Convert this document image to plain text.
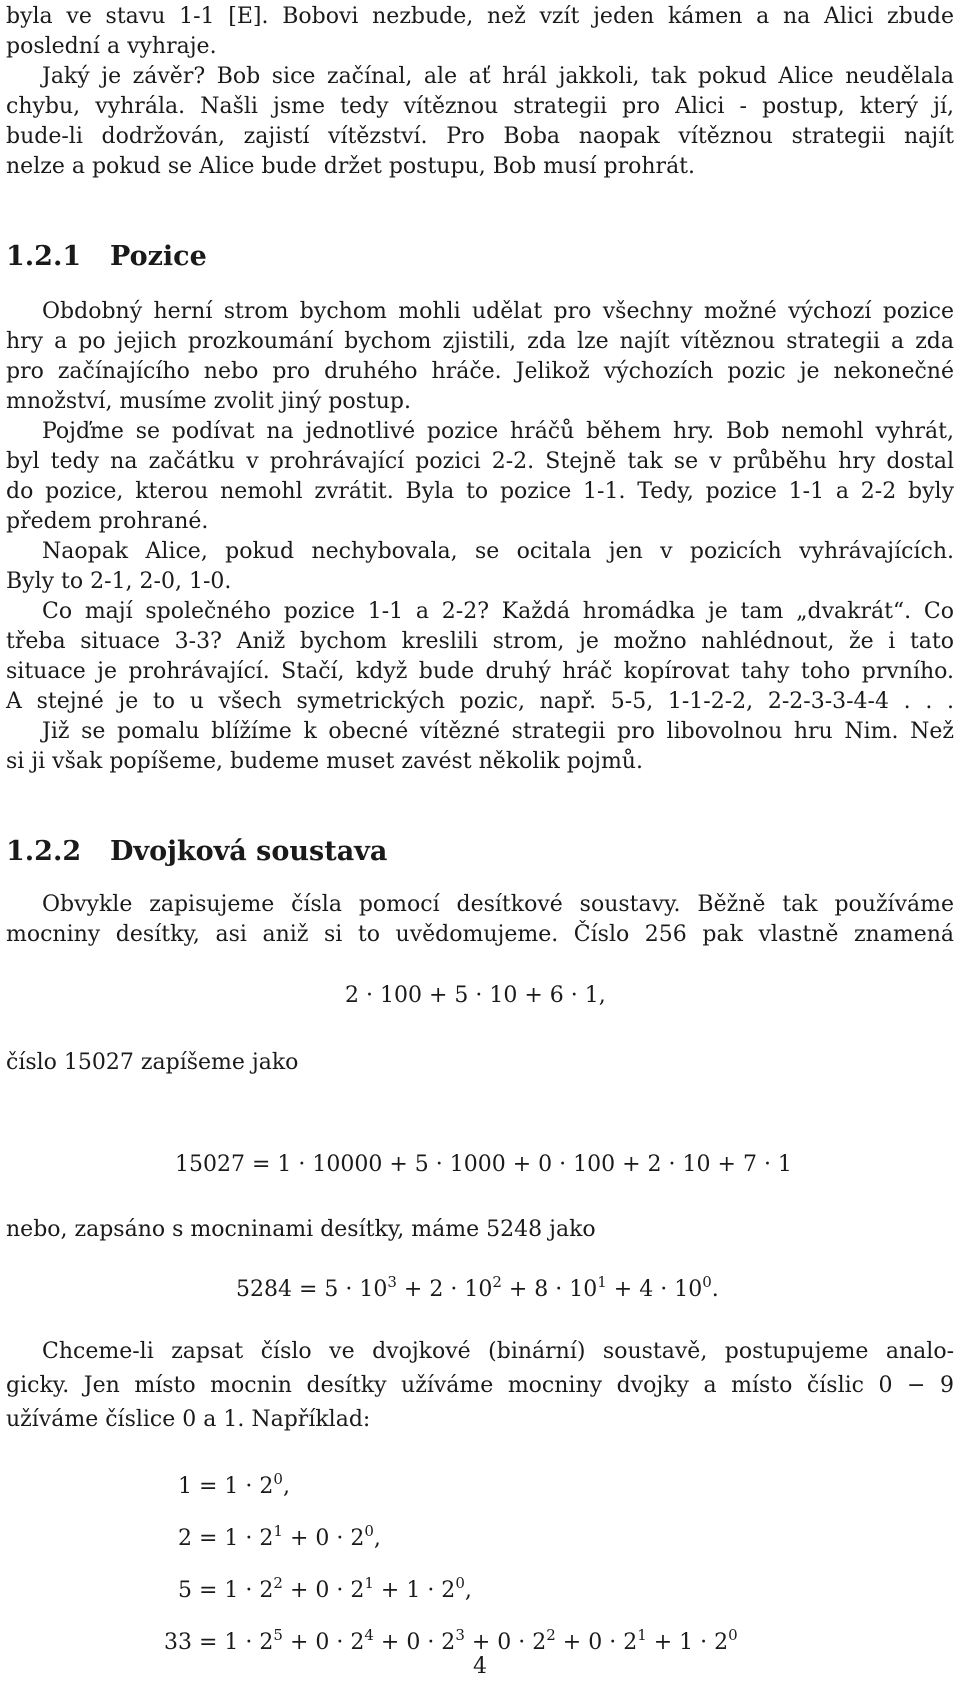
byla ve stavu 1-1 [E]. Bobovi nezbude, než vzít jeden kámen a na Alici zbude

poslední a vyhraje.

Jaký je závěr? Bob sice začínal, ale ať hrál jakkoli, tak pokud Alice neudělala

chybu, vyhrála. Našli jsme tedy vítěznou strategii pro Alici - postup, který jí,

bude-li dodržován, zajistí vítězství. Pro Boba naopak vítěznou strategii najít

nelze a pokud se Alice bude držet postupu, Bob musí prohrát.

1.2.1 Pozice

Obdobný herní strom bychom mohli udělat pro všechny možné výchozí pozice

hry a po jejich prozkoumání bychom zjistili, zda lze najít vítěznou strategii a zda

pro začínajícího nebo pro druhého hráče. Jelikož výchozích pozic je nekonečné

množství, musíme zvolit jiný postup.

Pojďme se podívat na jednotlivé pozice hráčů během hry. Bob nemohl vyhrát,

byl tedy na začátku v prohrávající pozici 2-2. Stejně tak se v průběhu hry dostal

do pozice, kterou nemohl zvrátit. Byla to pozice 1-1. Tedy, pozice 1-1 a 2-2 byly

předem prohrané.

Naopak Alice, pokud nechybovala, se ocitala jen v pozicích vyhrávajících.

Byly to 2-1, 2-0, 1-0.

Co mají společného pozice 1-1 a 2-2? Každá hromádka je tam „dvakrát“. Co

třeba situace 3-3? Aniž bychom kreslili strom, je možno nahlédnout, že i tato

situace je prohrávající. Stačí, když bude druhý hráč kopírovat tahy toho prvního.

A stejné je to u všech symetrických pozic, např. 5-5, 1-1-2-2, 2-2-3-3-4-4 . . .

Již se pomalu blížíme k obecné vítězné strategii pro libovolnou hru Nim. Než

si ji však popíšeme, budeme muset zavést několik pojmů.

1.2.2 Dvojková soustava

Obvykle zapisujeme čísla pomocí desítkové soustavy. Běžně tak používáme

mocniny desítky, asi aniž si to uvědomujeme. Číslo 256 pak vlastně znamená

2 · 100 + 5 · 10 + 6 · 1,

číslo 15027 zapíšeme jako

15027 = 1 · 10000 + 5 · 1000 + 0 · 100 + 2 · 10 + 7 · 1

nebo, zapsáno s mocninami desítky, máme 5248 jako

$5284 = 5 \cdot 10^3 + 2 \cdot 10^2 + 8 \cdot 10^1 + 4 \cdot 10^0$.

Chceme-li zapsat číslo ve dvojkové (binární) soustavě, postupujeme analo-

gicky. Jen místo mocnin desítky užíváme mocniny dvojky a místo číslic 0 − 9

užíváme číslice 0 a 1. Například:

$1 = 1 \cdot 2^0$,

$2 = 1 \cdot 2^1 + 0 \cdot 2^0$,

$5 = 1 \cdot 2^2 + 0 \cdot 2^1 + 1 \cdot 2^0$,

$33 = 1 \cdot 2^5 + 0 \cdot 2^4 + 0 \cdot 2^3 + 0 \cdot 2^2 + 0 \cdot 2^1 + 1 \cdot 2^0$

4
